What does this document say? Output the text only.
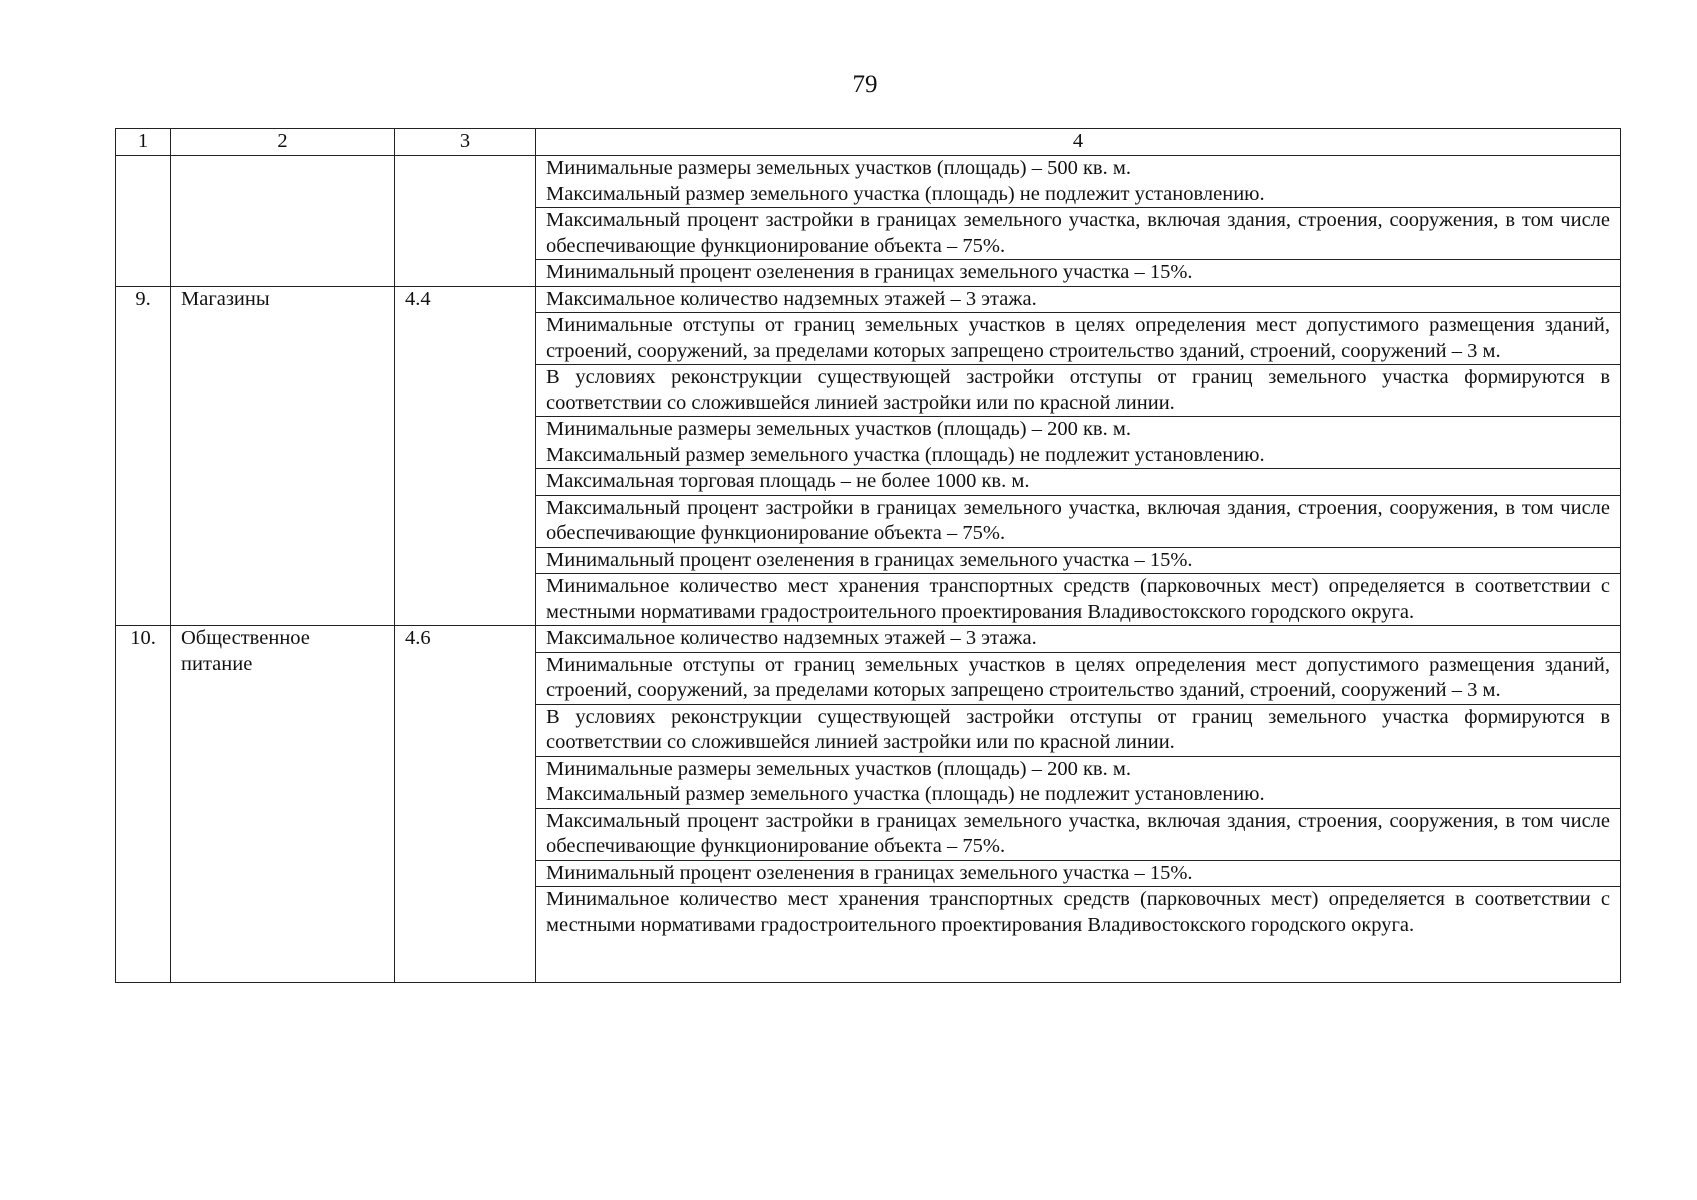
79
1	2	3	4

			Минимальные размеры земельных участков (площадь) – 500 кв. м.
Максимальный размер земельного участка (площадь) не подлежит установлению.

			Максимальный процент застройки в границах земельного участка, включая здания, строения, сооружения, в том числе обеспечивающие функционирование объекта – 75%.
			Минимальный процент озеленения в границах земельного участка – 15%.
9.	Магазины	4.4	Максимальное количество надземных этажей – 3 этажа.
			Минимальные отступы от границ земельных участков в целях определения мест допустимого размещения зданий, строений, сооружений, за пределами которых запрещено строительство зданий, строений, сооружений – 3 м.
			В условиях реконструкции существующей застройки отступы от границ земельного участка формируются в соответствии со сложившейся линией застройки или по красной линии.

			Минимальные размеры земельных участков (площадь) – 200 кв. м.
Максимальный размер земельного участка (площадь) не подлежит установлению.

			Максимальная торговая площадь – не более 1000 кв. м.
			Максимальный процент застройки в границах земельного участка, включая здания, строения, сооружения, в том числе обеспечивающие функционирование объекта – 75%.
			Минимальный процент озеленения в границах земельного участка – 15%.
			Минимальное количество мест хранения транспортных средств (парковочных мест) определяется в соответствии с местными нормативами градостроительного проектирования Владивостокского городского округа.
10.	Общественное питание	4.6	Максимальное количество надземных этажей – 3 этажа.
			Минимальные отступы от границ земельных участков в целях определения мест допустимого размещения зданий, строений, сооружений, за пределами которых запрещено строительство зданий, строений, сооружений – 3 м.
			В условиях реконструкции существующей застройки отступы от границ земельного участка формируются в соответствии со сложившейся линией застройки или по красной линии.

			Минимальные размеры земельных участков (площадь) – 200 кв. м.
Максимальный размер земельного участка (площадь) не подлежит установлению.

			Максимальный процент застройки в границах земельного участка, включая здания, строения, сооружения, в том числе обеспечивающие функционирование объекта – 75%.
			Минимальный процент озеленения в границах земельного участка – 15%.
			Минимальное количество мест хранения транспортных средств (парковочных мест) определяется в соответствии с местными нормативами градостроительного проектирования Владивостокского городского округа.
